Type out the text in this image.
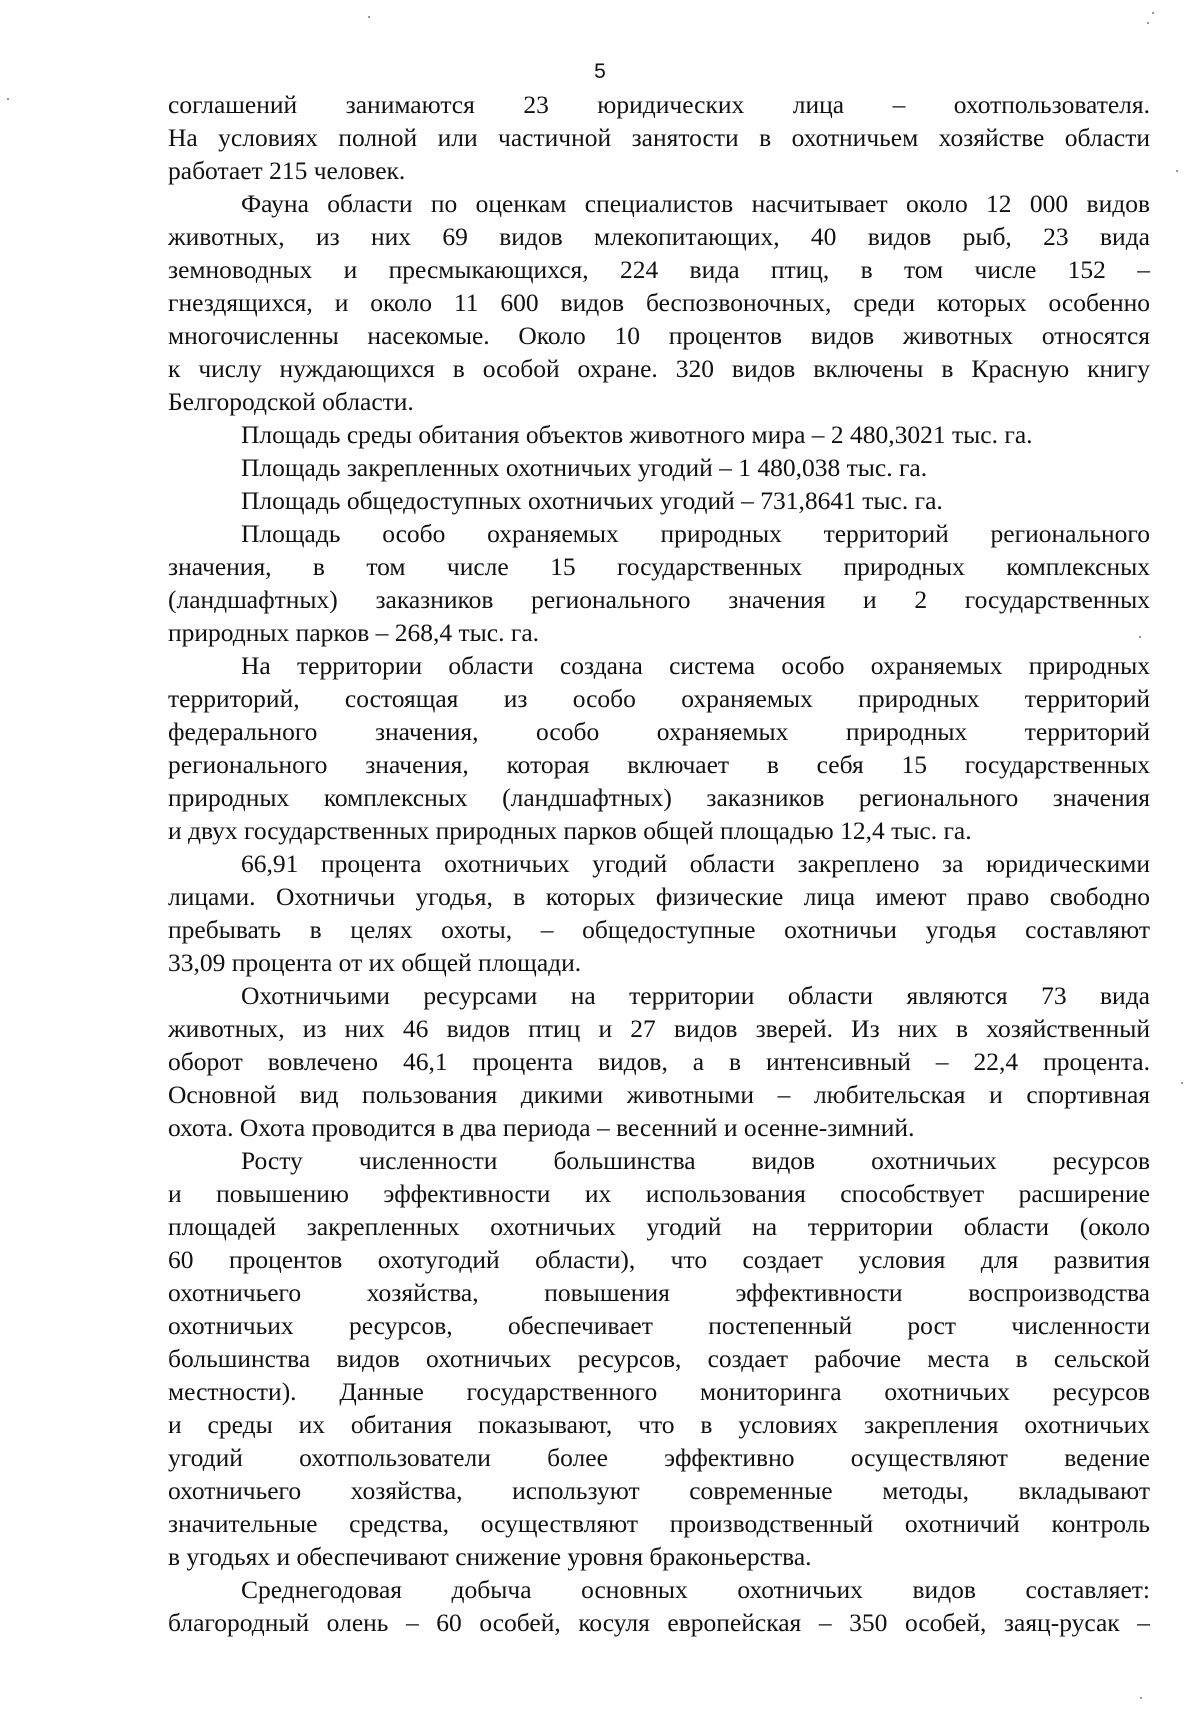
5
соглашений занимаются 23 юридических лица – охотпользователя.
На условиях полной или частичной занятости в охотничьем хозяйстве области
работает 215 человек.
Фауна области по оценкам специалистов насчитывает около 12 000 видов
животных, из них 69 видов млекопитающих, 40 видов рыб, 23 вида
земноводных и пресмыкающихся, 224 вида птиц, в том числе 152 –
гнездящихся, и около 11 600 видов беспозвоночных, среди которых особенно
многочисленны насекомые. Около 10 процентов видов животных относятся
к числу нуждающихся в особой охране. 320 видов включены в Красную книгу
Белгородской области.
Площадь среды обитания объектов животного мира – 2 480,3021 тыс. га.
Площадь закрепленных охотничьих угодий – 1 480,038 тыс. га.
Площадь общедоступных охотничьих угодий – 731,8641 тыс. га.
Площадь особо охраняемых природных территорий регионального
значения, в том числе 15 государственных природных комплексных
(ландшафтных) заказников регионального значения и 2 государственных
природных парков – 268,4 тыс. га.
На территории области создана система особо охраняемых природных
территорий, состоящая из особо охраняемых природных территорий
федерального значения, особо охраняемых природных территорий
регионального значения, которая включает в себя 15 государственных
природных комплексных (ландшафтных) заказников регионального значения
и двух государственных природных парков общей площадью 12,4 тыс. га.
66,91 процента охотничьих угодий области закреплено за юридическими
лицами. Охотничьи угодья, в которых физические лица имеют право свободно
пребывать в целях охоты, – общедоступные охотничьи угодья составляют
33,09 процента от их общей площади.
Охотничьими ресурсами на территории области являются 73 вида
животных, из них 46 видов птиц и 27 видов зверей. Из них в хозяйственный
оборот вовлечено 46,1 процента видов, а в интенсивный – 22,4 процента.
Основной вид пользования дикими животными – любительская и спортивная
охота. Охота проводится в два периода – весенний и осенне-зимний.
Росту численности большинства видов охотничьих ресурсов
и повышению эффективности их использования способствует расширение
площадей закрепленных охотничьих угодий на территории области (около
60 процентов охотугодий области), что создает условия для развития
охотничьего хозяйства, повышения эффективности воспроизводства
охотничьих ресурсов, обеспечивает постепенный рост численности
большинства видов охотничьих ресурсов, создает рабочие места в сельской
местности). Данные государственного мониторинга охотничьих ресурсов
и среды их обитания показывают, что в условиях закрепления охотничьих
угодий охотпользователи более эффективно осуществляют ведение
охотничьего хозяйства, используют современные методы, вкладывают
значительные средства, осуществляют производственный охотничий контроль
в угодьях и обеспечивают снижение уровня браконьерства.
Среднегодовая добыча основных охотничьих видов составляет:
благородный олень – 60 особей, косуля европейская – 350 особей, заяц-русак –
